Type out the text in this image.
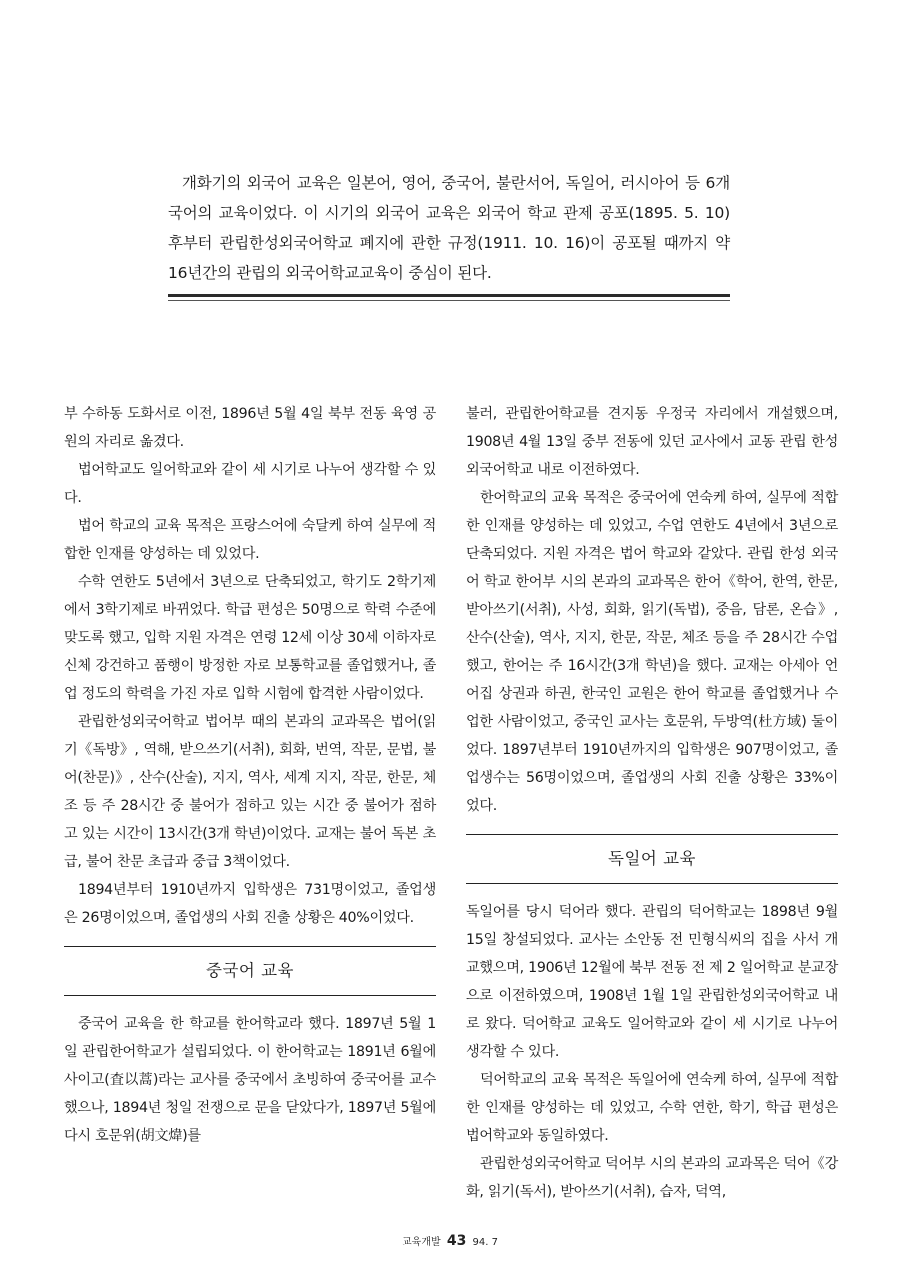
개화기의 외국어 교육은 일본어, 영어, 중국어, 불란서어, 독일어, 러시아어 등 6개 국어의 교육이었다. 이 시기의 외국어 교육은 외국어 학교 관제 공포(1895. 5. 10) 후부터 관립한성외국어학교 폐지에 관한 규정(1911. 10. 16)이 공포될 때까지 약 16년간의 관립의 외국어학교교육이 중심이 된다.

부 수하동 도화서로 이전, 1896년 5월 4일 북부 전동 육영 공원의 자리로 옮겼다.

법어학교도 일어학교와 같이 세 시기로 나누어 생각할 수 있다.

법어 학교의 교육 목적은 프랑스어에 숙달케 하여 실무에 적합한 인재를 양성하는 데 있었다.

수학 연한도 5년에서 3년으로 단축되었고, 학기도 2학기제에서 3학기제로 바뀌었다. 학급 편성은 50명으로 학력 수준에 맞도록 했고, 입학 지원 자격은 연령 12세 이상 30세 이하자로 신체 강건하고 품행이 방정한 자로 보통학교를 졸업했거나, 졸업 정도의 학력을 가진 자로 입학 시험에 합격한 사람이었다.

관립한성외국어학교 법어부 때의 본과의 교과목은 법어(읽기《독방》, 역해, 받으쓰기(서취), 회화, 번역, 작문, 문법, 불어(찬문)》, 산수(산술), 지지, 역사, 세계 지지, 작문, 한문, 체조 등 주 28시간 중 불어가 점하고 있는 시간 중 불어가 점하고 있는 시간이 13시간(3개 학년)이었다. 교재는 불어 독본 초급, 불어 찬문 초급과 중급 3책이었다.

1894년부터 1910년까지 입학생은 731명이었고, 졸업생은 26명이었으며, 졸업생의 사회 진출 상황은 40%이었다.

중국어 교육

중국어 교육을 한 학교를 한어학교라 했다. 1897년 5월 1일 관립한어학교가 설립되었다. 이 한어학교는 1891년 6월에 사이고(査以蒿)라는 교사를 중국에서 초빙하여 중국어를 교수했으나, 1894년 청일 전쟁으로 문을 닫았다가, 1897년 5월에 다시 호문위(胡文煒)를

불러, 관립한어학교를 견지동 우정국 자리에서 개설했으며, 1908년 4월 13일 중부 전동에 있던 교사에서 교동 관립 한성외국어학교 내로 이전하였다.

한어학교의 교육 목적은 중국어에 연숙케 하여, 실무에 적합한 인재를 양성하는 데 있었고, 수업 연한도 4년에서 3년으로 단축되었다. 지원 자격은 법어 학교와 같았다. 관립 한성 외국어 학교 한어부 시의 본과의 교과목은 한어《학어, 한역, 한문, 받아쓰기(서취), 사성, 회화, 읽기(독법), 중음, 담론, 온습》, 산수(산술), 역사, 지지, 한문, 작문, 체조 등을 주 28시간 수업했고, 한어는 주 16시간(3개 학년)을 했다. 교재는 아세아 언어집 상권과 하권, 한국인 교원은 한어 학교를 졸업했거나 수업한 사람이었고, 중국인 교사는 호문위, 두방역(杜方域) 둘이었다. 1897년부터 1910년까지의 입학생은 907명이었고, 졸업생수는 56명이었으며, 졸업생의 사회 진출 상황은 33%이었다.

독일어 교육

독일어를 당시 덕어라 했다. 관립의 덕어학교는 1898년 9월 15일 창설되었다. 교사는 소안동 전 민형식씨의 집을 사서 개교했으며, 1906년 12월에 북부 전동 전 제 2 일어학교 분교장으로 이전하였으며, 1908년 1월 1일 관립한성외국어학교 내로 왔다. 덕어학교 교육도 일어학교와 같이 세 시기로 나누어 생각할 수 있다.

덕어학교의 교육 목적은 독일어에 연숙케 하여, 실무에 적합한 인재를 양성하는 데 있었고, 수학 연한, 학기, 학급 편성은 법어학교와 동일하였다.

관립한성외국어학교 덕어부 시의 본과의 교과목은 덕어《강화, 읽기(독서), 받아쓰기(서취), 습자, 덕역,

교육개발 43 94. 7
